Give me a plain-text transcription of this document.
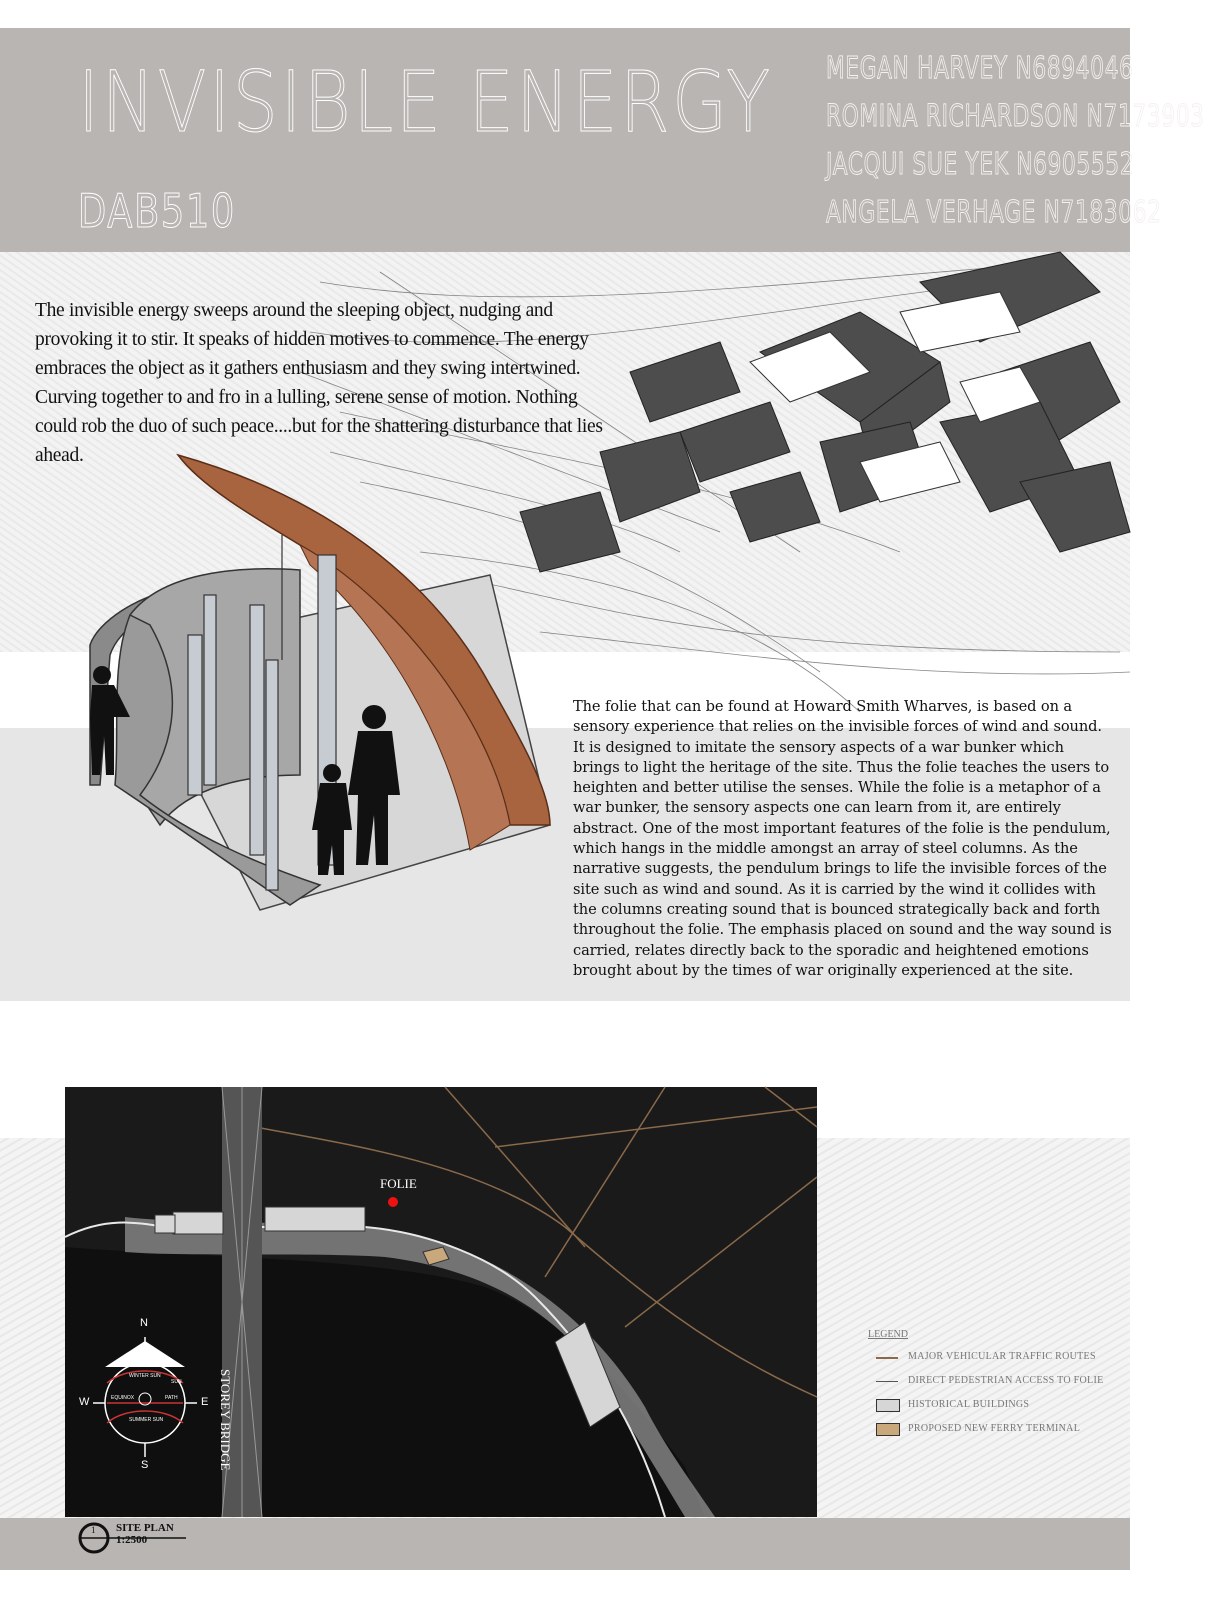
INVISIBLE ENERGY
DAB510
MEGAN HARVEY N6894046
ROMINA RICHARDSON N7173903
JACQUI SUE YEK N6905552
ANGELA VERHAGE N7183062
The invisible energy sweeps around the sleeping object, nudging and provoking it to stir. It speaks of hidden motives to commence. The energy embraces the object as it gathers enthusiasm and they swing intertwined. Curving together to and fro in a lulling, serene sense of motion. Nothing could rob the duo of such peace....but for the shattering disturbance that lies ahead.
The folie that can be found at Howard Smith Wharves, is based on a sensory experience that relies on the invisible forces of wind and sound. It is designed to imitate the sensory aspects of a war bunker which brings to light the heritage of the site. Thus the folie teaches the users to heighten and better utilise the senses. While the folie is a metaphor of a war bunker, the sensory aspects one can learn from it, are entirely abstract. One of the most important features of the folie is the pendulum, which hangs in the middle amongst an array of steel columns. As the narrative suggests, the pendulum brings to life the invisible forces of the site such as wind and sound. As it is carried by the wind it collides with the columns creating sound that is bounced strategically back and forth throughout the folie. The emphasis placed on sound and the way sound is carried, relates directly back to the sporadic and heightened emotions brought about by the times of war originally experienced at the site.
FOLIE
STOREY BRIDGE
N
S
W	E
WINTER SUN
EQUINOX
SUMMER SUN
PATH
SUN
LEGEND
MAJOR VEHICULAR TRAFFIC ROUTES
DIRECT PEDESTRIAN ACCESS TO FOLIE
HISTORICAL BUILDINGS
PROPOSED NEW FERRY TERMINAL
1 SITE PLAN
1:2500
